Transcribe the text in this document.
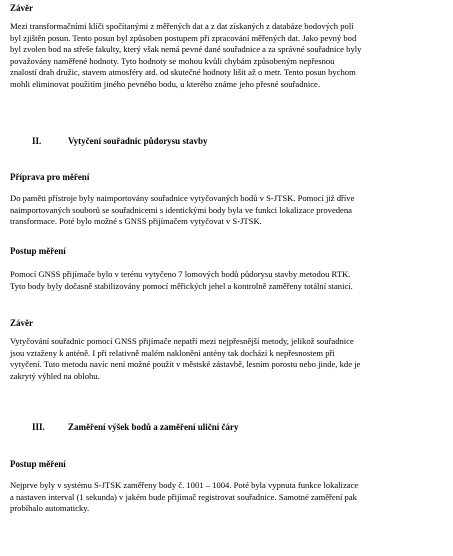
Závěr
Mezi transformačními klíči spočítanými z měřených dat a z dat získaných z databáze bodových polí
byl zjištěn posun. Tento posun byl způsoben postupem při zpracování měřených dat. Jako pevný bod
byl zvolen bod na střeše fakulty, který však nemá pevné dané souřadnice a za správné souřadnice byly
považovány naměřené hodnoty. Tyto hodnoty se mohou kvůli chybám způsobeným nepřesnou
znalostí drah družic, stavem atmosféry atd. od skutečné hodnoty lišit až o metr. Tento posun bychom
mohli eliminovat použitím jiného pevného bodu, u kterého známe jeho přesné souřadnice.
II.	Vytyčení souřadnic půdorysu stavby
Příprava pro měření
Do paměti přístroje byly naimportovány souřadnice vytyčovaných bodů v S-JTSK. Pomocí již dříve
naimportovaných souborů se souřadnicemi s identickými body byla ve funkci lokalizace provedena
transformace. Poté bylo možné s GNSS přijímačem vytyčovat v S-JTSK.
Postup měření
Pomocí GNSS přijímače bylo v terénu vytyčeno 7 lomových bodů půdorysu stavby metodou RTK.
Tyto body byly dočasně stabilizovány pomocí měřických jehel a kontrolně zaměřeny totální stanicí.
Závěr
Vytyčování souřadnic pomocí GNSS přijímače nepatří mezi nejpřesnější metody, jelikož souřadnice
jsou vztaženy k anténě. I při relativně malém naklonění antény tak dochází k nepřesnostem při
vytyčení. Tuto metodu navíc není možné použít v městské zástavbě, lesním porostu nebo jinde, kde je
zakrytý výhled na oblohu.
III.	Zaměření výšek bodů a zaměření uliční čáry
Postup měření
Nejprve byly v systému S-JTSK zaměřeny body č. 1001 – 1004. Poté byla vypnuta funkce lokalizace
a nastaven interval (1 sekunda) v jakém bude přijímač registrovat souřadnice. Samotné zaměření pak
probíhalo automaticky.
